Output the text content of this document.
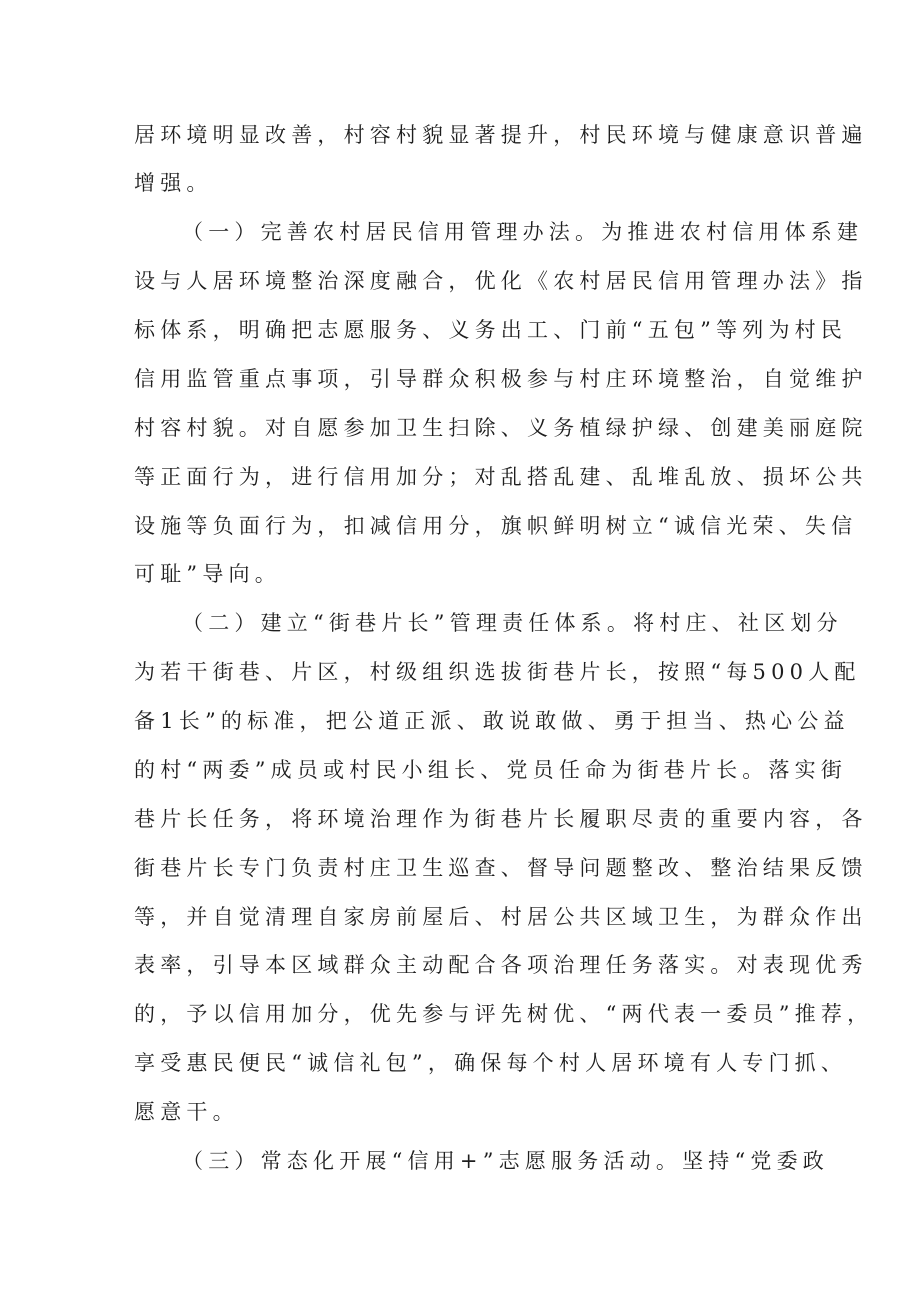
居环境明显改善，村容村貌显著提升，村民环境与健康意识普遍
增强。
（一）完善农村居民信用管理办法。为推进农村信用体系建
设与人居环境整治深度融合，优化《农村居民信用管理办法》指
标体系，明确把志愿服务、义务出工、门前“五包”等列为村民
信用监管重点事项，引导群众积极参与村庄环境整治，自觉维护
村容村貌。对自愿参加卫生扫除、义务植绿护绿、创建美丽庭院
等正面行为，进行信用加分；对乱搭乱建、乱堆乱放、损坏公共
设施等负面行为，扣减信用分，旗帜鲜明树立“诚信光荣、失信
可耻”导向。
（二）建立“街巷片长”管理责任体系。将村庄、社区划分
为若干街巷、片区，村级组织选拔街巷片长，按照“每500人配
备1长”的标准，把公道正派、敢说敢做、勇于担当、热心公益
的村“两委”成员或村民小组长、党员任命为街巷片长。落实街
巷片长任务，将环境治理作为街巷片长履职尽责的重要内容，各
街巷片长专门负责村庄卫生巡查、督导问题整改、整治结果反馈
等，并自觉清理自家房前屋后、村居公共区域卫生，为群众作出
表率，引导本区域群众主动配合各项治理任务落实。对表现优秀
的，予以信用加分，优先参与评先树优、“两代表一委员”推荐，
享受惠民便民“诚信礼包”，确保每个村人居环境有人专门抓、
愿意干。
（三）常态化开展“信用+”志愿服务活动。坚持“党委政
